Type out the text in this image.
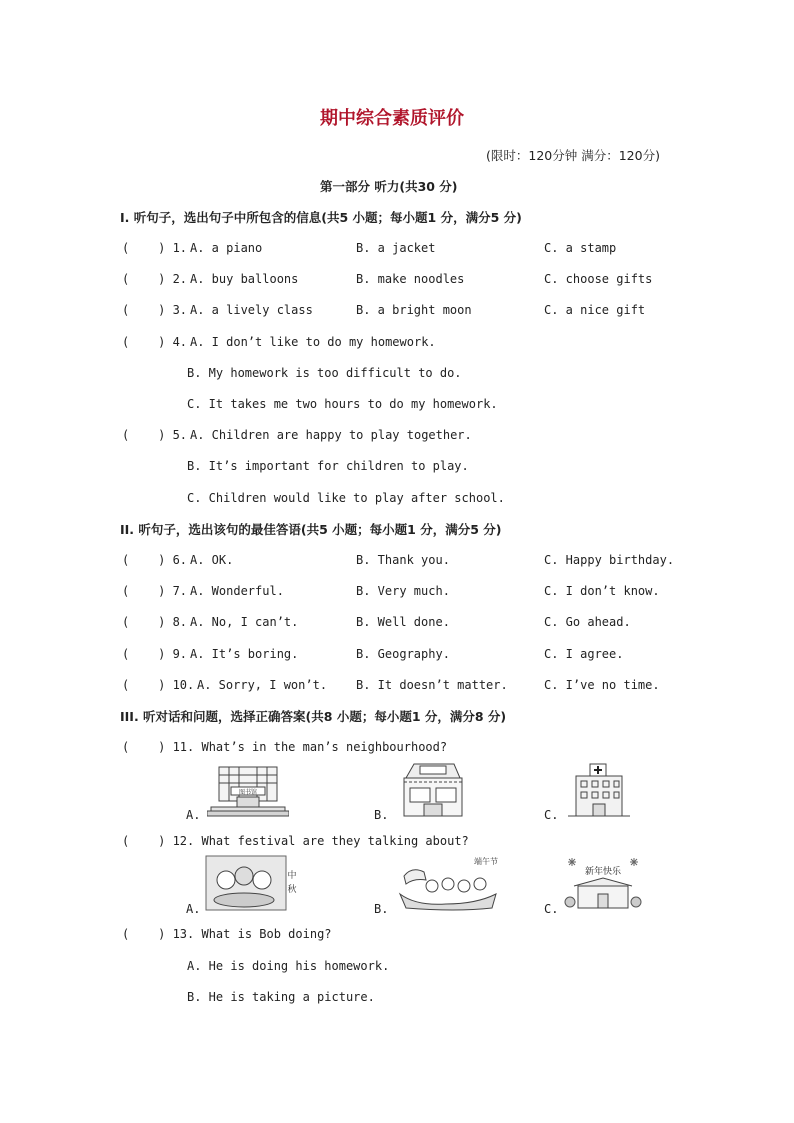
期中综合素质评价
(限时：120分钟 满分：120分)
第一部分 听力(共30 分)
I. 听句子，选出句子中所包含的信息(共5 小题；每小题1 分，满分5 分)
(    ) 1. A. a piano	B. a jacket	C. a stamp
(    ) 2. A. buy balloons	B. make noodles	C. choose gifts
(    ) 3. A. a lively class	B. a bright moon	C. a nice gift
(    ) 4. A. I don’t like to do my homework.
B. My homework is too difficult to do.
C. It takes me two hours to do my homework.
(    ) 5. A. Children are happy to play together.
B. It’s important for children to play.
C. Children would like to play after school.
II. 听句子，选出该句的最佳答语(共5 小题；每小题1 分，满分5 分)
(    ) 6. A. OK.	B. Thank you.	C. Happy birthday.
(    ) 7. A. Wonderful.	B. Very much.	C. I don’t know.
(    ) 8. A. No, I can’t.	B. Well done.	C. Go ahead.
(    ) 9. A. It’s boring.	B. Geography.	C. I agree.
(    ) 10. A. Sorry, I won’t. B. It doesn’t matter.	C. I’ve no time.
III. 听对话和问题，选择正确答案(共8 小题；每小题1 分，满分8 分)
(    ) 11. What’s in the man’s neighbourhood?
A.	B.	C.
图书馆
(    ) 12. What festival are they talking about?
A.	B.	C.
中
秋
端午节
新年快乐
(    ) 13. What is Bob doing?
A. He is doing his homework.
B. He is taking a picture.
